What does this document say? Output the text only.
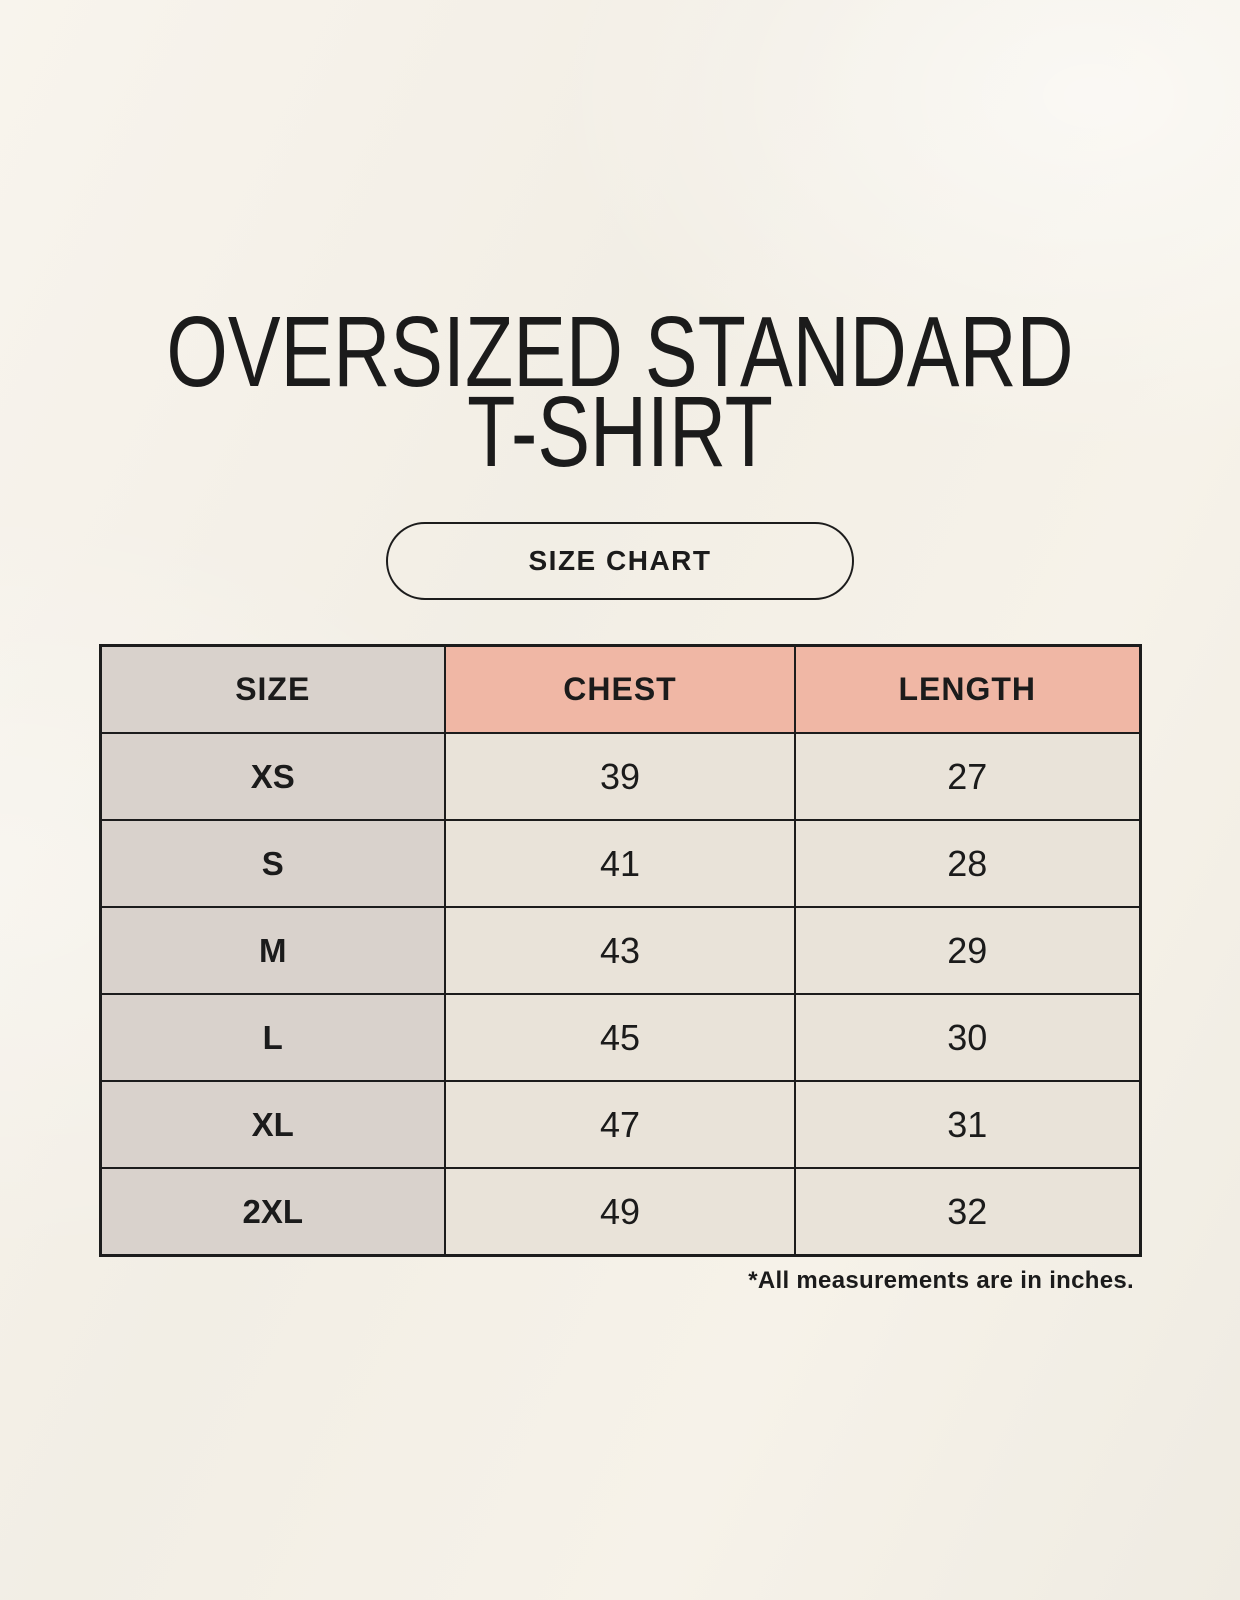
OVERSIZED STANDARD
T-SHIRT
SIZE CHART
SIZE	CHEST	LENGTH
XS	39	27
S	41	28
M	43	29
L	45	30
XL	47	31
2XL	49	32
*All measurements are in inches.
